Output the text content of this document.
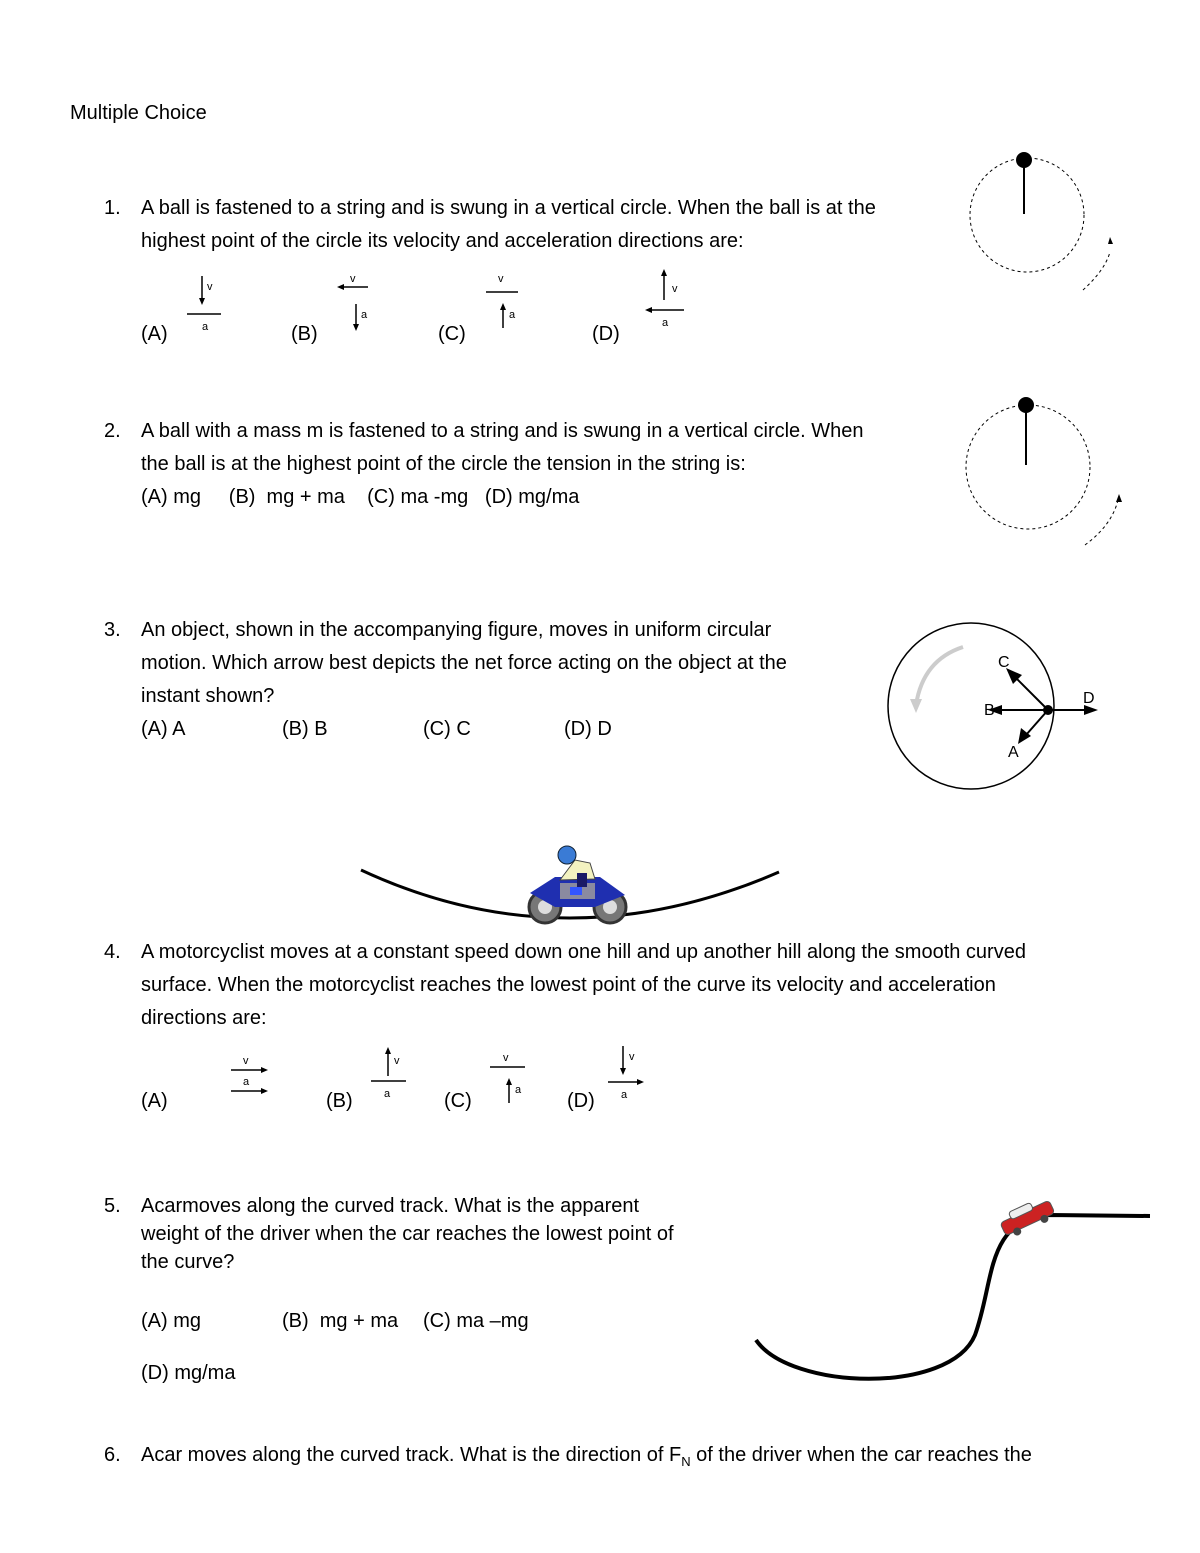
Multiple Choice
1. A ball is fastened to a string and is swung in a vertical circle. When the ball is at the
highest point of the circle its velocity and acceleration directions are:
(A)	(B)	(C)	(D)
v
a
v
a
v
a
v
a
2. A ball with a mass m is fastened to a string and is swung in a vertical circle. When
the ball is at the highest point of the circle the tension in the string is:
(A) mg     (B)  mg + ma    (C) ma -mg   (D) mg/ma
3. An object, shown in the accompanying figure, moves in uniform circular
motion. Which arrow best depicts the net force acting on the object at the
instant shown?
(A) A	(B) B	(C) C	(D) D
B
C
D
A
4. A motorcyclist moves at a constant speed down one hill and up another hill along the smooth curved
surface. When the motorcyclist reaches the lowest point of the curve its velocity and acceleration
directions are:
(A)	(B)	(C)	(D)
v
a
v
a
v
a
v
a
5. Acarmoves along the curved track. What is the apparent
weight of the driver when the car reaches the lowest point of
the curve?
(A) mg	(B)  mg + ma (C) ma –mg
(D) mg/ma
6. Acar moves along the curved track. What is the direction of $F_N$ of the driver when the car reaches the
